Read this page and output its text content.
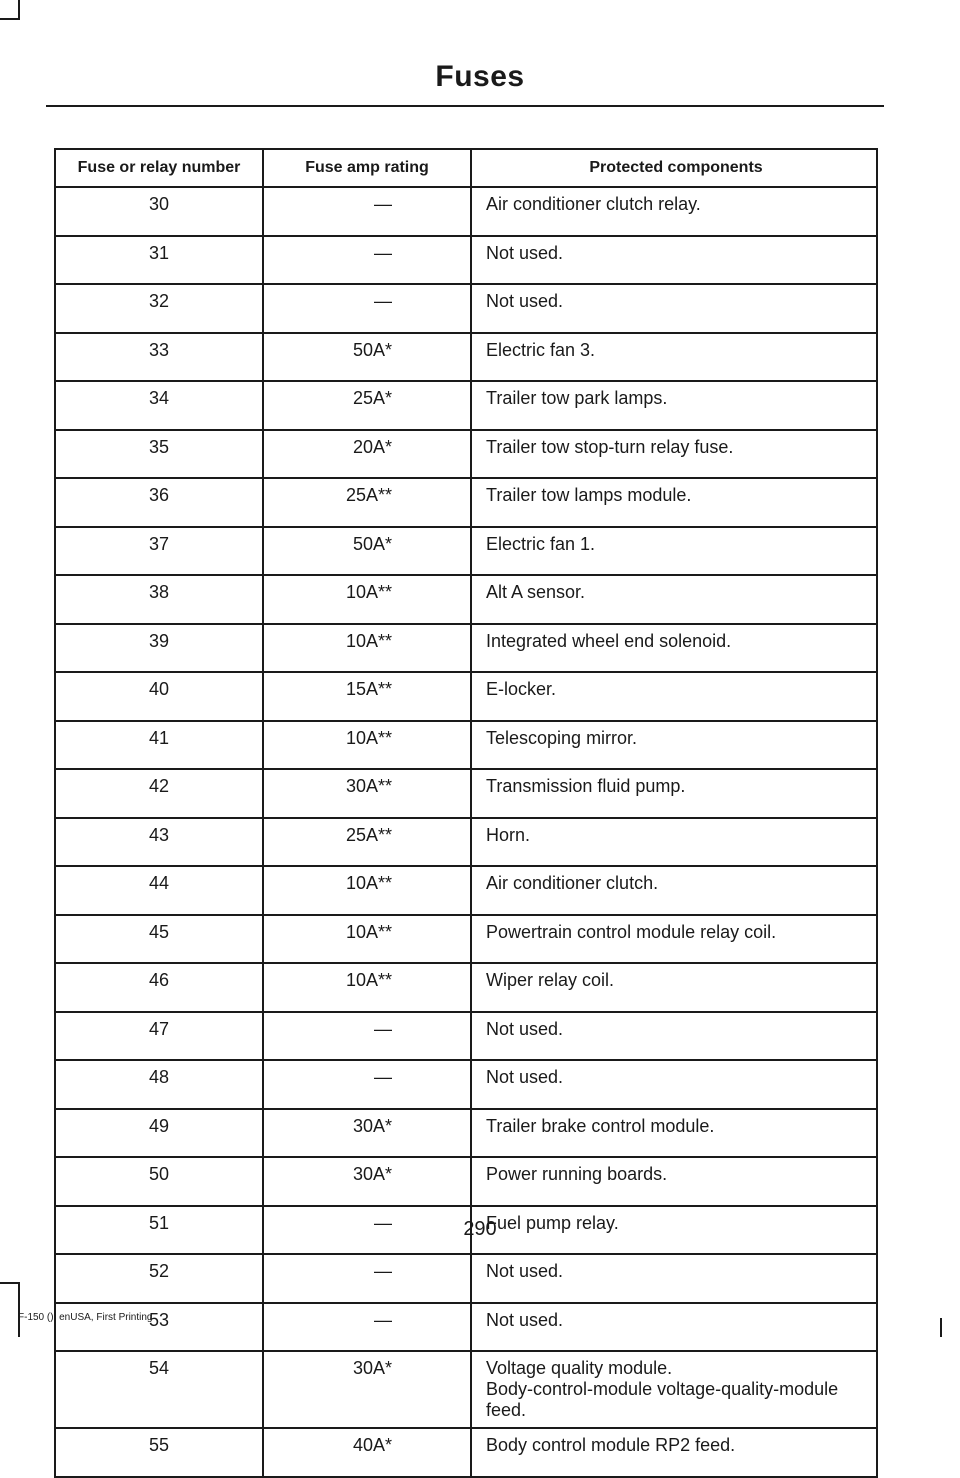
Fuses
Fuse or relay number	Fuse amp rating	Protected components
30	—	Air conditioner clutch relay.

31	—	Not used.

32	—	Not used.

33	50A*	Electric fan 3.

34	25A*	Trailer tow park lamps.

35	20A*	Trailer tow stop-turn relay fuse.

36	25A**	Trailer tow lamps module.

37	50A*	Electric fan 1.

38	10A**	Alt A sensor.

39	10A**	Integrated wheel end solenoid.

40	15A**	E-locker.

41	10A**	Telescoping mirror.

42	30A**	Transmission fluid pump.

43	25A**	Horn.

44	10A**	Air conditioner clutch.

45	10A**	Powertrain control module relay coil.

46	10A**	Wiper relay coil.

47	—	Not used.

48	—	Not used.

49	30A*	Trailer brake control module.

50	30A*	Power running boards.

51	—	Fuel pump relay.

52	—	Not used.

53	—	Not used.

54	30A*	Voltage quality module.
Body-control-module voltage-quality-module feed.

55	40A*	Body control module RP2 feed.
290
F-150 (), enUSA, First Printing
